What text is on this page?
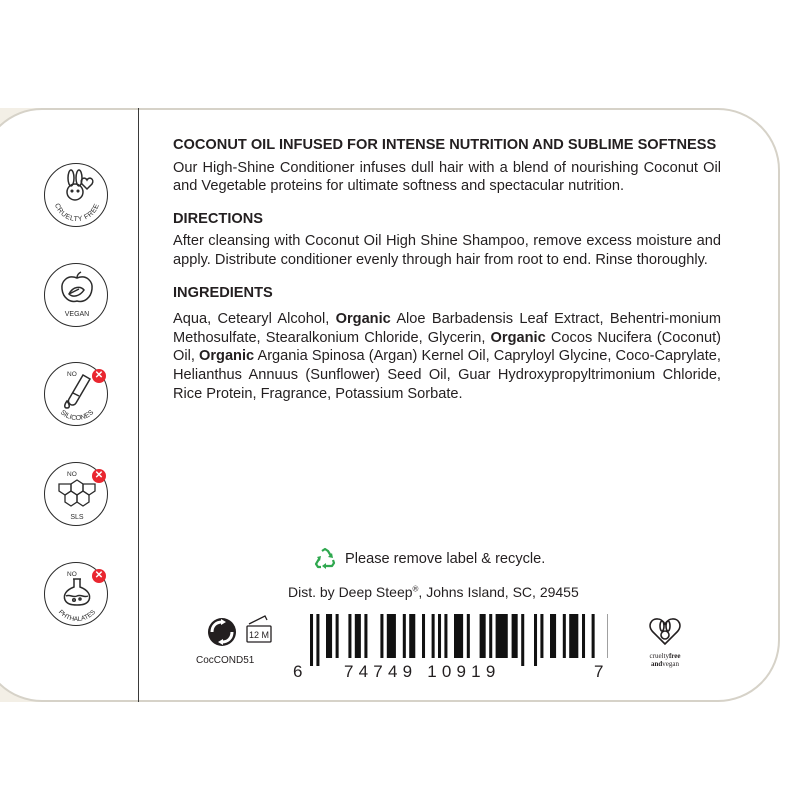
CRUELTY FREE
VEGAN
NO
SILICONES
✕
NO
SLS
✕
NO
PHTHALATES
✕

COCONUT OIL INFUSED FOR INTENSE NUTRITION AND SUBLIME SOFTNESS

Our High-Shine Conditioner infuses dull hair with a blend of nourishing Coconut Oil and Vegetable proteins for ultimate softness and spectacular nutrition.

DIRECTIONS

After cleansing with Coconut Oil High Shine Shampoo, remove excess moisture and apply. Distribute conditioner evenly through hair from root to end. Rinse thoroughly.

INGREDIENTS

Aqua, Cetearyl Alcohol, Organic Aloe Barbadensis Leaf Extract, Behentri-monium Methosulfate, Stearalkonium Chloride, Glycerin, Organic Cocos Nucifera (Coconut) Oil, Organic Argania Spinosa (Argan) Kernel Oil, Capryloyl Glycine, Coco-Caprylate, Helianthus Annuus (Sunflower) Seed Oil, Guar Hydroxypropyltrimonium Chloride, Rice Protein, Fragrance, Potassium Sorbate.

Please remove label & recycle.
Dist. by Deep Steep®, Johns Island, SC, 29455
12 M
CocCOND51
6 74749 10919	7
crueltyfree
andvegan
